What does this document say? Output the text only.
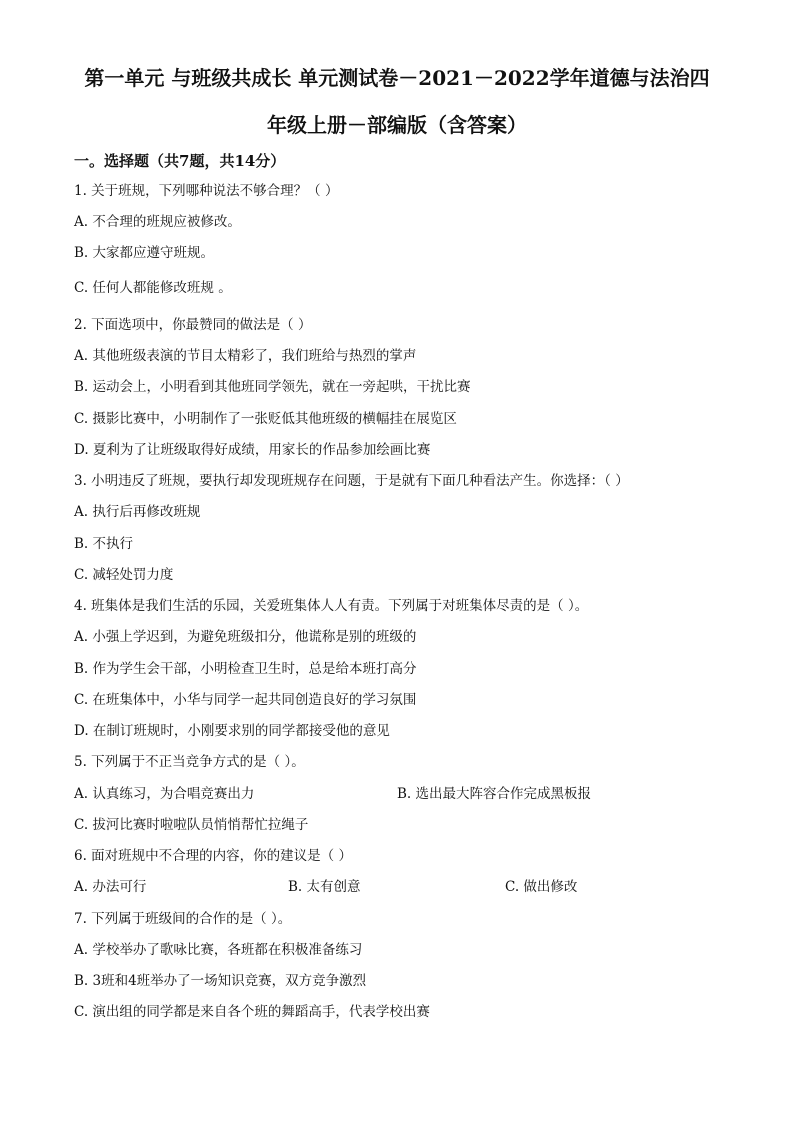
第一单元 与班级共成长 单元测试卷－2021－2022学年道德与法治四
年级上册－部编版（含答案）
一。选择题（共7题，共14分）
1. 关于班规，下列哪种说法不够合理？（ ）
A. 不合理的班规应被修改。
B. 大家都应遵守班规。
C. 任何人都能修改班规 。
2. 下面选项中，你最赞同的做法是（ ）
A. 其他班级表演的节目太精彩了，我们班给与热烈的掌声
B. 运动会上，小明看到其他班同学领先，就在一旁起哄，干扰比赛
C. 摄影比赛中，小明制作了一张贬低其他班级的横幅挂在展览区
D. 夏利为了让班级取得好成绩，用家长的作品参加绘画比赛
3. 小明违反了班规，要执行却发现班规存在问题，于是就有下面几种看法产生。你选择：（ ）
A. 执行后再修改班规
B. 不执行
C. 减轻处罚力度
4. 班集体是我们生活的乐园，关爱班集体人人有责。下列属于对班集体尽责的是（ ）。
A. 小强上学迟到，为避免班级扣分，他谎称是别的班级的
B. 作为学生会干部，小明检查卫生时，总是给本班打高分
C. 在班集体中，小华与同学一起共同创造良好的学习氛围
D. 在制订班规时，小刚要求别的同学都接受他的意见
5. 下列属于不正当竞争方式的是（ ）。
A. 认真练习，为合唱竞赛出力	B. 选出最大阵容合作完成黑板报
C. 拔河比赛时啦啦队员悄悄帮忙拉绳子
6. 面对班规中不合理的内容，你的建议是（ ）
A. 办法可行	B. 太有创意	C. 做出修改
7. 下列属于班级间的合作的是（ ）。
A. 学校举办了歌咏比赛，各班都在积极准备练习
B. 3班和4班举办了一场知识竞赛，双方竞争激烈
C. 演出组的同学都是来自各个班的舞蹈高手，代表学校出赛
